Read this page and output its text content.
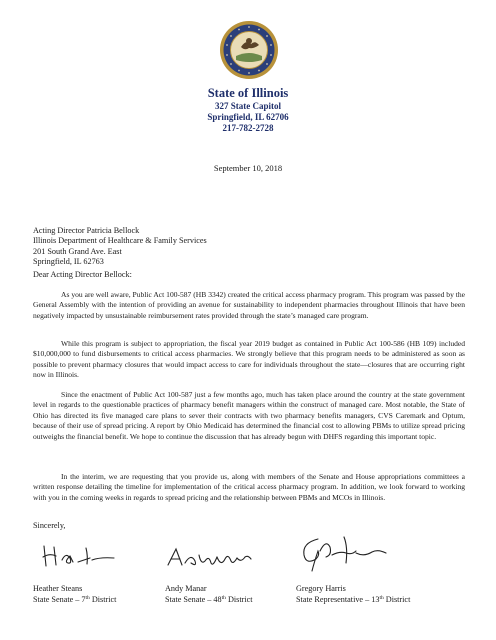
State of Illinois
327 State Capitol
Springfield, IL 62706
217-782-2728
September 10, 2018
Acting Director Patricia Bellock
Illinois Department of Healthcare & Family Services
201 South Grand Ave. East
Springfield, IL 62763
Dear Acting Director Bellock:

As you are well aware, Public Act 100-587 (HB 3342) created the critical access pharmacy program. This program was passed by the General Assembly with the intention of providing an avenue for sustainability to independent pharmacies throughout Illinois that have been negatively impacted by unsustainable reimbursement rates provided through the state’s managed care program.

While this program is subject to appropriation, the fiscal year 2019 budget as contained in Public Act 100-586 (HB 109) included $10,000,000 to fund disbursements to critical access pharmacies. We strongly believe that this program needs to be administered as soon as possible to prevent pharmacy closures that would impact access to care for individuals throughout the state—closures that are occurring right now in Illinois.

Since the enactment of Public Act 100-587 just a few months ago, much has taken place around the country at the state government level in regards to the questionable practices of pharmacy benefit managers within the construct of managed care. Most notable, the State of Ohio has directed its five managed care plans to sever their contracts with two pharmacy benefits managers, CVS Caremark and Optum, because of their use of spread pricing. A report by Ohio Medicaid has determined the financial cost to allowing PBMs to utilize spread pricing outweighs the financial benefit. We hope to continue the discussion that has already begun with DHFS regarding this important topic.

In the interim, we are requesting that you provide us, along with members of the Senate and House appropriations committees a written response detailing the timeline for implementation of the critical access pharmacy program. In addition, we look forward to working with you in the coming weeks in regards to spread pricing and the relationship between PBMs and MCOs in Illinois.

Sincerely,
Heather Steans
State Senate – 7th District
Andy Manar
State Senate – 48th District
Gregory Harris
State Representative – 13th District
